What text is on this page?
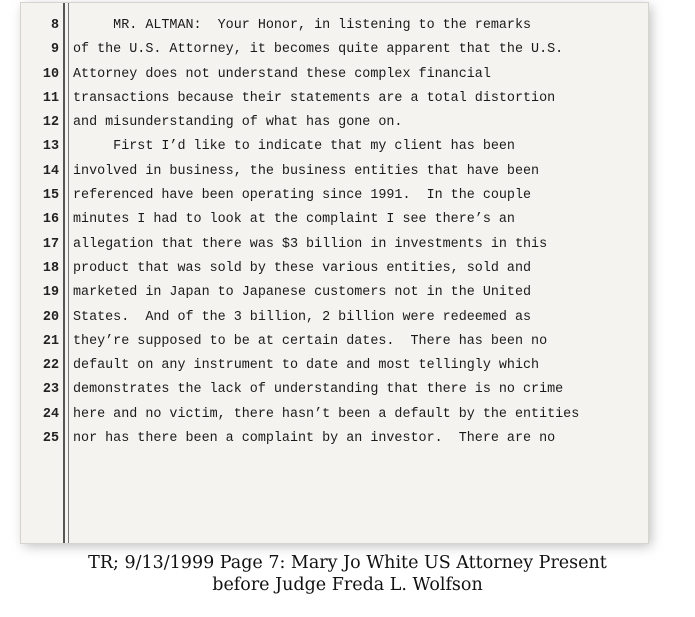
8 MR. ALTMAN:  Your Honor, in listening to the remarks
9 of the U.S. Attorney, it becomes quite apparent that the U.S.
10 Attorney does not understand these complex financial
11 transactions because their statements are a total distortion
12 and misunderstanding of what has gone on.
13 First I’d like to indicate that my client has been
14 involved in business, the business entities that have been
15 referenced have been operating since 1991.  In the couple
16 minutes I had to look at the complaint I see there’s an
17 allegation that there was $3 billion in investments in this
18 product that was sold by these various entities, sold and
19 marketed in Japan to Japanese customers not in the United
20 States.  And of the 3 billion, 2 billion were redeemed as
21 they’re supposed to be at certain dates.  There has been no
22 default on any instrument to date and most tellingly which
23 demonstrates the lack of understanding that there is no crime
24 here and no victim, there hasn’t been a default by the entities
25 nor has there been a complaint by an investor.  There are no
TR; 9/13/1999 Page 7: Mary Jo White US Attorney Present
before Judge Freda L. Wolfson
